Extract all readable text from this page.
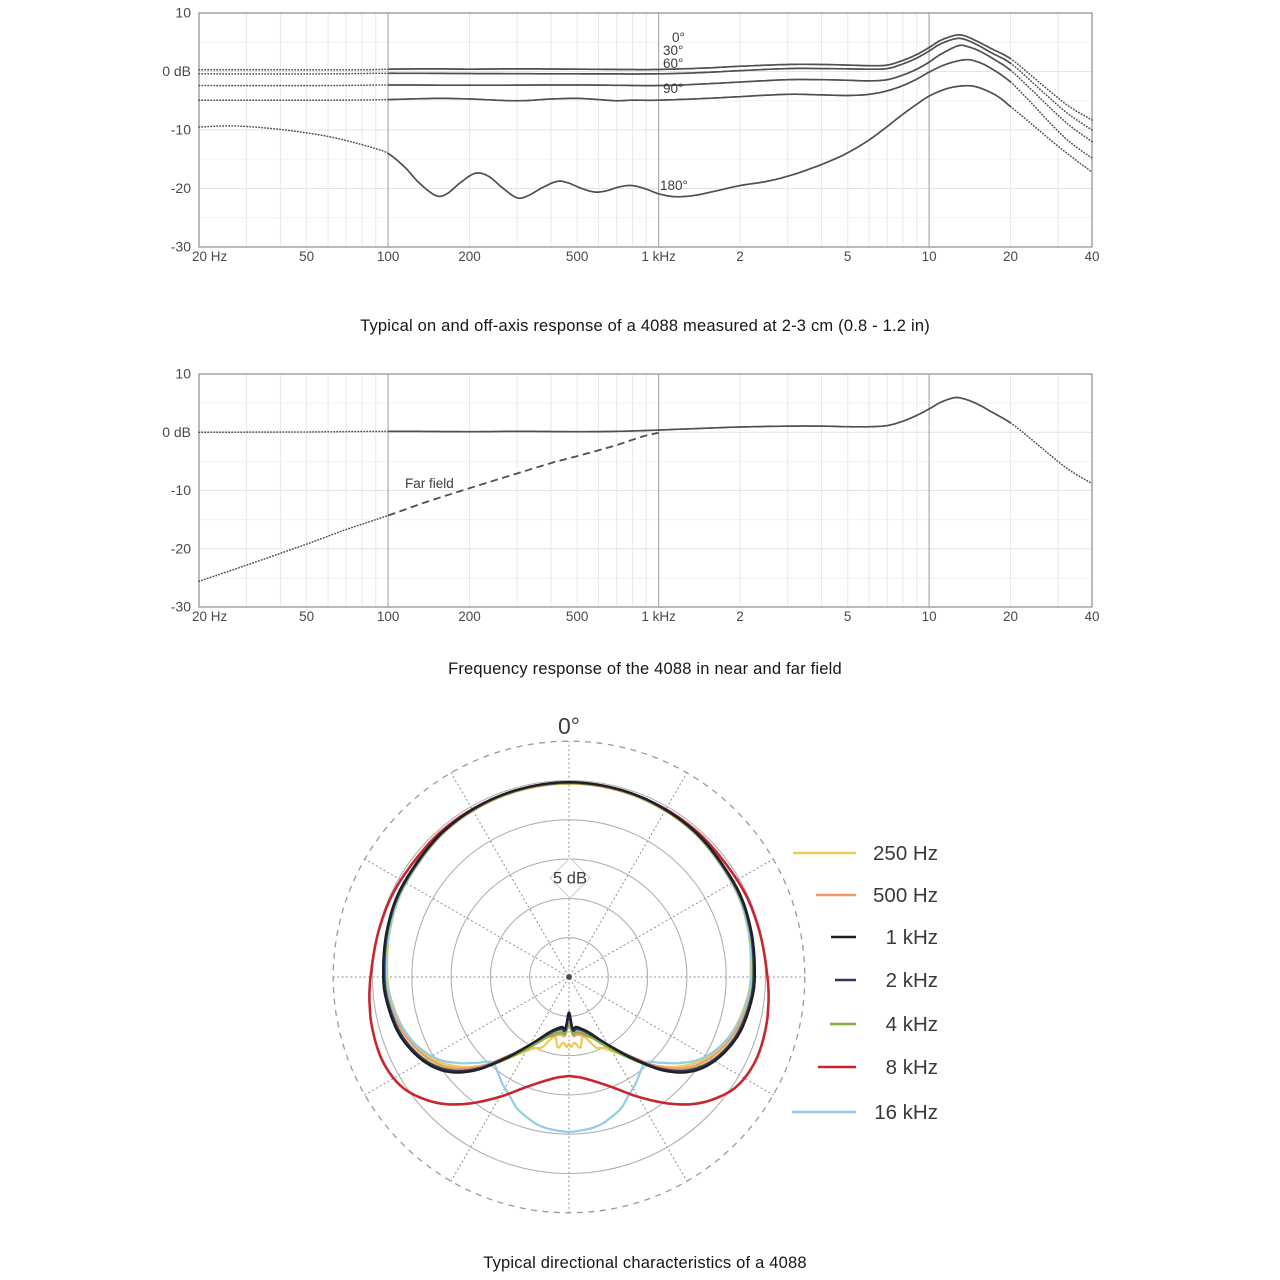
10
0 dB
-10
-20
-30
20 Hz	50	100	200	500	1 kHz	2	5	10	20	40
0°
30°
60°
90°
180°
10
0 dB
-10
-20
-30
20 Hz	50	100	200	500	1 kHz	2	5	10	20	40
Far field
5 dB
0°
250 Hz
500 Hz
1 kHz
2 kHz
4 kHz
8 kHz
16 kHz
Typical on and off-axis response of a 4088 measured at 2-3 cm (0.8 - 1.2 in)
Frequency response of the 4088 in near and far field
Typical directional characteristics of a 4088
